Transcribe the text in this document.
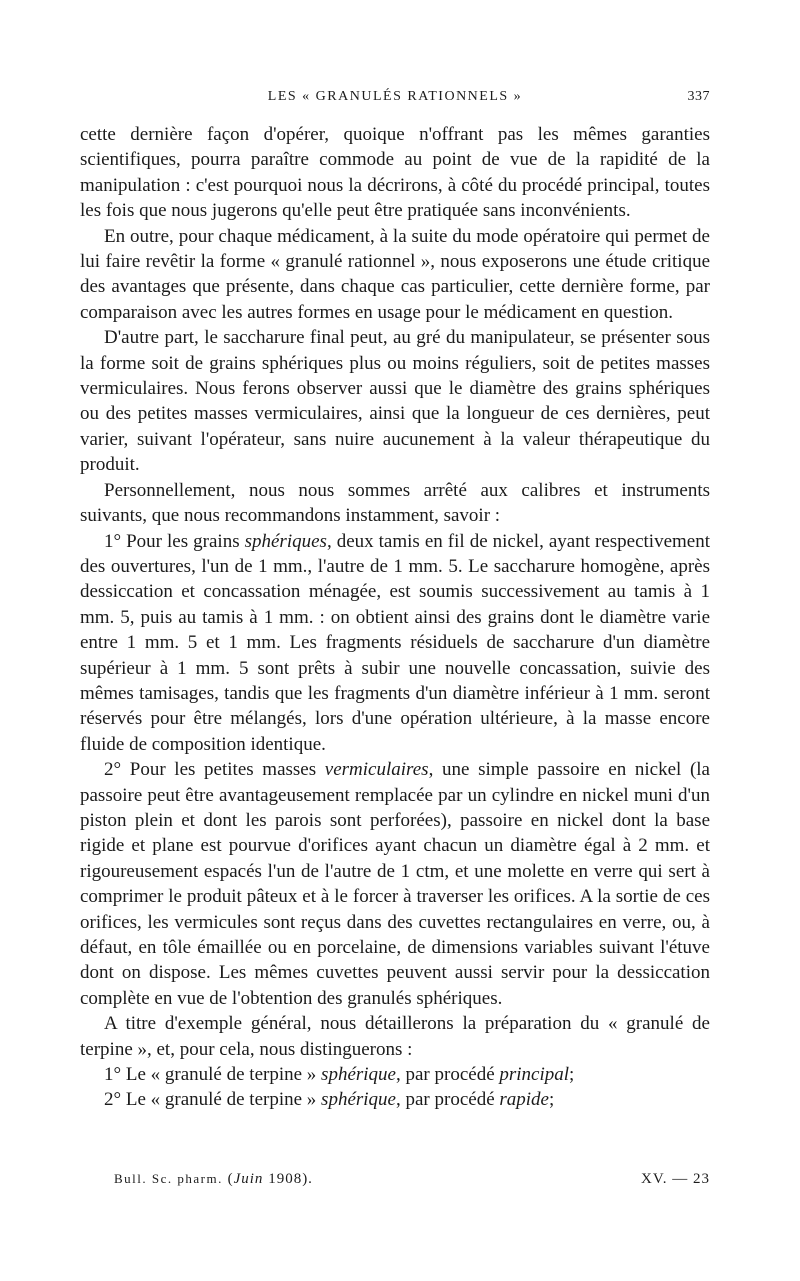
LES « GRANULÉS RATIONNELS »	337

cette dernière façon d'opérer, quoique n'offrant pas les mêmes garanties scientifiques, pourra paraître commode au point de vue de la rapidité de la manipulation : c'est pourquoi nous la décrirons, à côté du procédé principal, toutes les fois que nous jugerons qu'elle peut être pratiquée sans inconvénients.

En outre, pour chaque médicament, à la suite du mode opératoire qui permet de lui faire revêtir la forme « granulé rationnel », nous exposerons une étude critique des avantages que présente, dans chaque cas particulier, cette dernière forme, par comparaison avec les autres formes en usage pour le médicament en question.

D'autre part, le saccharure final peut, au gré du manipulateur, se présenter sous la forme soit de grains sphériques plus ou moins réguliers, soit de petites masses vermiculaires. Nous ferons observer aussi que le diamètre des grains sphériques ou des petites masses vermiculaires, ainsi que la longueur de ces dernières, peut varier, suivant l'opérateur, sans nuire aucunement à la valeur thérapeutique du produit.

Personnellement, nous nous sommes arrêté aux calibres et instruments suivants, que nous recommandons instamment, savoir :

1° Pour les grains sphériques, deux tamis en fil de nickel, ayant respectivement des ouvertures, l'un de 1 mm., l'autre de 1 mm. 5. Le saccharure homogène, après dessiccation et concassation ménagée, est soumis successivement au tamis à 1 mm. 5, puis au tamis à 1 mm. : on obtient ainsi des grains dont le diamètre varie entre 1 mm. 5 et 1 mm. Les fragments résiduels de saccharure d'un diamètre supérieur à 1 mm. 5 sont prêts à subir une nouvelle concassation, suivie des mêmes tamisages, tandis que les fragments d'un diamètre inférieur à 1 mm. seront réservés pour être mélangés, lors d'une opération ultérieure, à la masse encore fluide de composition identique.

2° Pour les petites masses vermiculaires, une simple passoire en nickel (la passoire peut être avantageusement remplacée par un cylindre en nickel muni d'un piston plein et dont les parois sont perforées), passoire en nickel dont la base rigide et plane est pourvue d'orifices ayant chacun un diamètre égal à 2 mm. et rigoureusement espacés l'un de l'autre de 1 ctm, et une molette en verre qui sert à comprimer le produit pâteux et à le forcer à traverser les orifices. A la sortie de ces orifices, les vermicules sont reçus dans des cuvettes rectangulaires en verre, ou, à défaut, en tôle émaillée ou en porcelaine, de dimensions variables suivant l'étuve dont on dispose. Les mêmes cuvettes peuvent aussi servir pour la dessiccation complète en vue de l'obtention des granulés sphériques.

A titre d'exemple général, nous détaillerons la préparation du « granulé de terpine », et, pour cela, nous distinguerons :

1° Le « granulé de terpine » sphérique, par procédé principal;

2° Le « granulé de terpine » sphérique, par procédé rapide;

Bull. Sc. pharm. (Juin 1908).	XV. — 23
